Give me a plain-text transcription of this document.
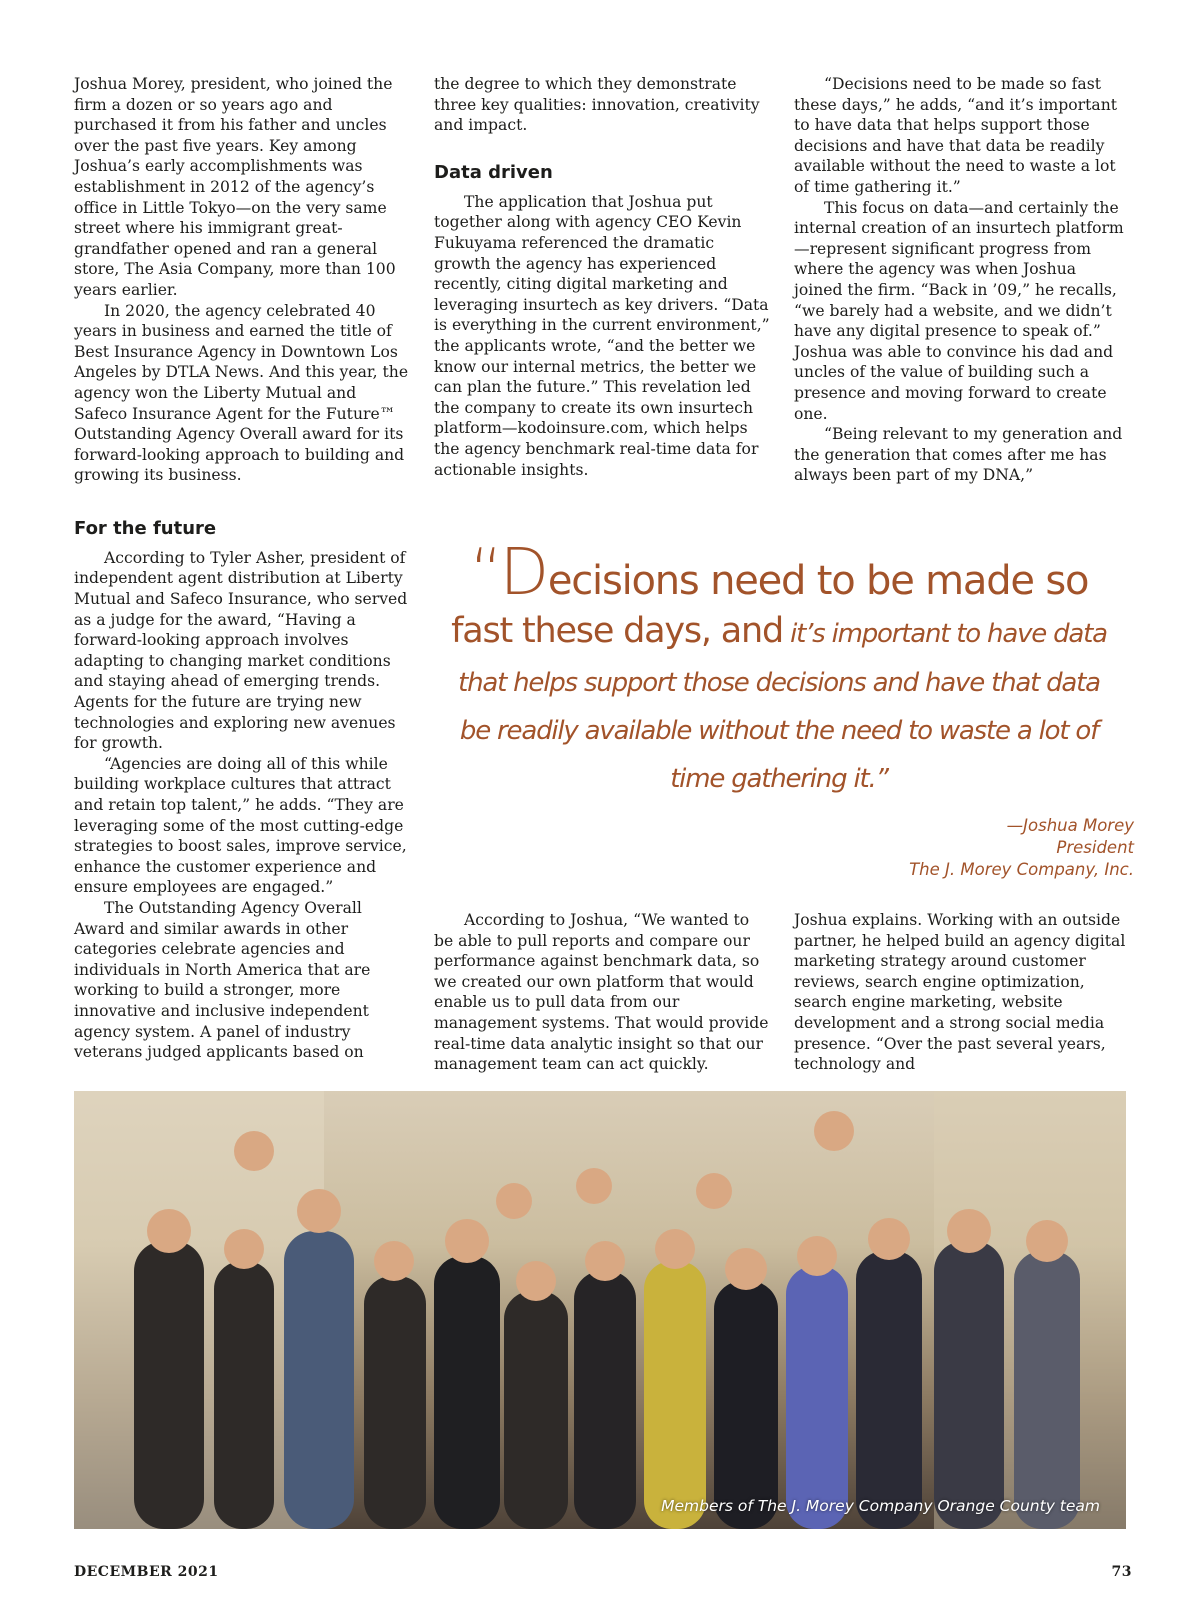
Joshua Morey, president, who joined the firm a dozen or so years ago and purchased it from his father and uncles over the past five years. Key among Joshua’s early accomplishments was establishment in 2012 of the agency’s office in Little Tokyo—on the very same street where his immigrant great-grandfather opened and ran a general store, The Asia Company, more than 100 years earlier.

In 2020, the agency celebrated 40 years in business and earned the title of Best Insurance Agency in Downtown Los Angeles by DTLA News. And this year, the agency won the Liberty Mutual and Safeco Insurance Agent for the Future™ Outstanding Agency Overall award for its forward-looking approach to building and growing its business.

For the future

According to Tyler Asher, president of independent agent distribution at Liberty Mutual and Safeco Insurance, who served as a judge for the award, “Having a forward-looking approach involves adapting to changing market conditions and staying ahead of emerging trends. Agents for the future are trying new technologies and exploring new avenues for growth.

“Agencies are doing all of this while building workplace cultures that attract and retain top talent,” he adds. “They are leveraging some of the most cutting-edge strategies to boost sales, improve service, enhance the customer experience and ensure employees are engaged.”

The Outstanding Agency Overall Award and similar awards in other categories celebrate agencies and individuals in North America that are working to build a stronger, more innovative and inclusive independent agency system. A panel of industry veterans judged applicants based on

the degree to which they demonstrate three key qualities: innovation, creativity and impact.

Data driven

The application that Joshua put together along with agency CEO Kevin Fukuyama referenced the dramatic growth the agency has experienced recently, citing digital marketing and leveraging insurtech as key drivers. “Data is everything in the current environment,” the applicants wrote, “and the better we know our internal metrics, the better we can plan the future.” This revelation led the company to create its own insurtech platform—kodoinsure.com, which helps the agency benchmark real-time data for actionable insights.

“Decisions need to be made so fast these days,” he adds, “and it’s important to have data that helps support those decisions and have that data be readily available without the need to waste a lot of time gathering it.”

This focus on data—and certainly the internal creation of an insurtech platform—represent significant progress from where the agency was when Joshua joined the firm. “Back in ’09,” he recalls, “we barely had a website, and we didn’t have any digital presence to speak of.” Joshua was able to convince his dad and uncles of the value of building such a presence and moving forward to create one.

“Being relevant to my generation and the generation that comes after me has always been part of my DNA,”

“Decisions need to be made so
fast these days, and it’s important to have data
that helps support those decisions and have that data
be readily available without the need to waste a lot of
time gathering it.”
—Joshua Morey
President
The J. Morey Company, Inc.

According to Joshua, “We wanted to be able to pull reports and compare our performance against benchmark data, so we created our own platform that would enable us to pull data from our management systems. That would provide real-time data analytic insight so that our management team can act quickly.

Joshua explains. Working with an outside partner, he helped build an agency digital marketing strategy around customer reviews, search engine optimization, search engine marketing, website development and a strong social media presence. “Over the past several years, technology and

Members of The J. Morey Company Orange County team
DECEMBER 2021	73
